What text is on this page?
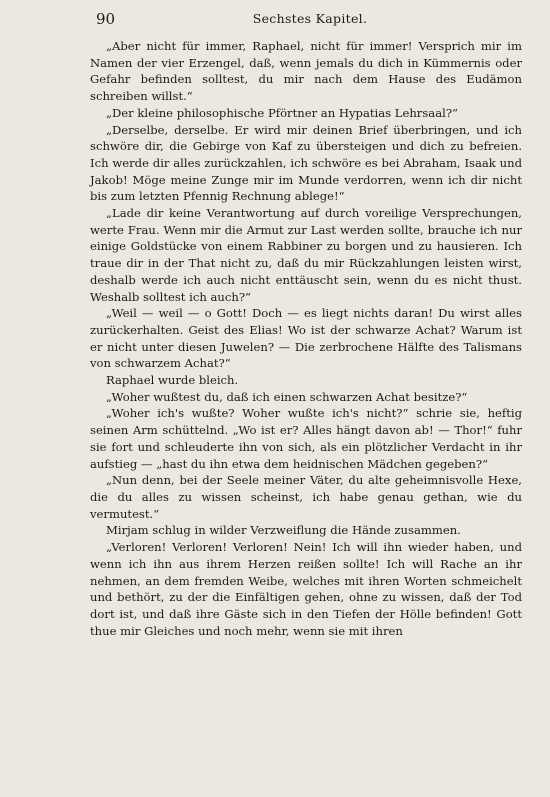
90	Sechstes Kapitel.

„Aber nicht für immer, Raphael, nicht für immer! Versprich mir im Namen der vier Erzengel, daß, wenn jemals du dich in Kümmernis oder Gefahr befinden solltest, du mir nach dem Hause des Eudämon schreiben willst.“

„Der kleine philosophische Pförtner an Hypatias Lehrsaal?“

„Derselbe, derselbe. Er wird mir deinen Brief überbringen, und ich schwöre dir, die Gebirge von Kaf zu übersteigen und dich zu befreien. Ich werde dir alles zurückzahlen, ich schwöre es bei Abraham, Isaak und Jakob! Möge meine Zunge mir im Munde verdorren, wenn ich dir nicht bis zum letzten Pfennig Rechnung ablege!“

„Lade dir keine Verantwortung auf durch voreilige Versprechungen, werte Frau. Wenn mir die Armut zur Last werden sollte, brauche ich nur einige Goldstücke von einem Rabbiner zu borgen und zu hausieren. Ich traue dir in der That nicht zu, daß du mir Rückzahlungen leisten wirst, deshalb werde ich auch nicht enttäuscht sein, wenn du es nicht thust. Weshalb solltest ich auch?“

„Weil — weil — o Gott! Doch — es liegt nichts daran! Du wirst alles zurückerhalten. Geist des Elias! Wo ist der schwarze Achat? Warum ist er nicht unter diesen Juwelen? — Die zerbrochene Hälfte des Talismans von schwarzem Achat?“

Raphael wurde bleich.

„Woher wußtest du, daß ich einen schwarzen Achat besitze?“

„Woher ich's wußte? Woher wußte ich's nicht?“ schrie sie, heftig seinen Arm schüttelnd. „Wo ist er? Alles hängt davon ab! — Thor!“ fuhr sie fort und schleuderte ihn von sich, als ein plötzlicher Verdacht in ihr aufstieg — „hast du ihn etwa dem heidnischen Mädchen gegeben?“

„Nun denn, bei der Seele meiner Väter, du alte geheimnisvolle Hexe, die du alles zu wissen scheinst, ich habe genau gethan, wie du vermutest.“

Mirjam schlug in wilder Verzweiflung die Hände zusammen.

„Verloren! Verloren! Verloren! Nein! Ich will ihn wieder haben, und wenn ich ihn aus ihrem Herzen reißen sollte! Ich will Rache an ihr nehmen, an dem fremden Weibe, welches mit ihren Worten schmeichelt und bethört, zu der die Einfältigen gehen, ohne zu wissen, daß der Tod dort ist, und daß ihre Gäste sich in den Tiefen der Hölle befinden! Gott thue mir Gleiches und noch mehr, wenn sie mit ihren
